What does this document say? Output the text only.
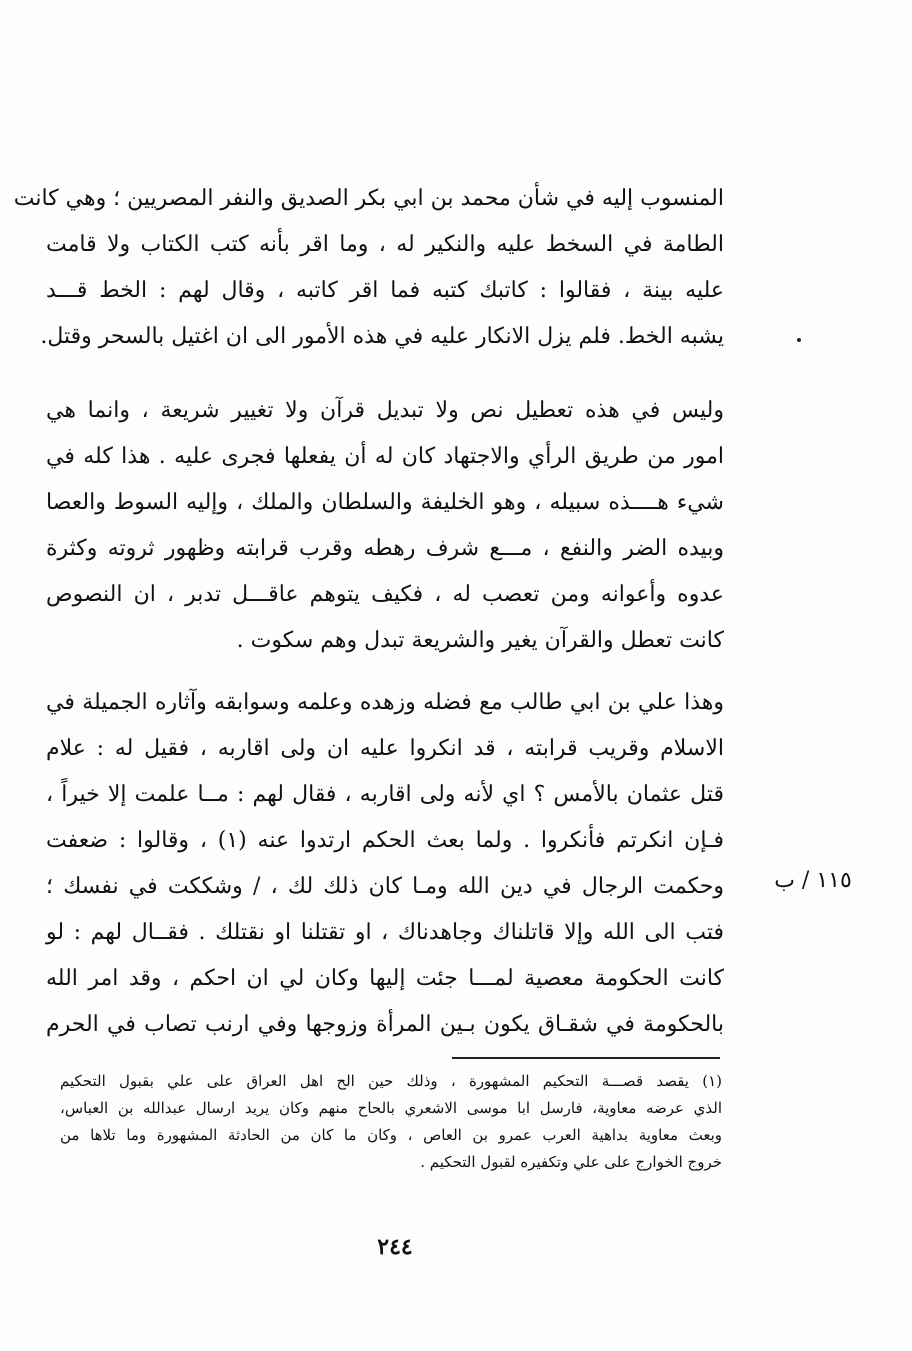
المنسوب إليه في شأن محمد بن ابي بكر الصديق والنفر المصريين ؛ وهي كانت
الطامة في السخط عليه والنكير له ، وما اقر بأنه كتب الكتاب ولا قامت
عليه بينة ، فقالوا : كاتبك كتبه فما اقر كاتبه ، وقال لهم : الخط قـــد
يشبه الخط. فلم يزل الانكار عليه في هذه الأمور الى ان اغتيل بالسحر وقتل.
وليس في هذه تعطيل نص ولا تبديل قرآن ولا تغيير شريعة ، وانما هي
امور من طريق الرأي والاجتهاد كان له أن يفعلها فجرى عليه . هذا كله في
شيء هــــذه سبيله ، وهو الخليفة والسلطان والملك ، وإليه السوط والعصا
وبيده الضر والنفع ، مـــع شرف رهطه وقرب قرابته وظهور ثروته وكثرة
عدوه وأعوانه ومن تعصب له ، فكيف يتوهم عاقـــل تدبر ، ان النصوص
كانت تعطل والقرآن يغير والشريعة تبدل وهم سكوت .
وهذا علي بن ابي طالب مع فضله وزهده وعلمه وسوابقه وآثاره الجميلة في
الاسلام وقريب قرابته ، قد انكروا عليه ان ولى اقاربه ، فقيل له : علام
قتل عثمان بالأمس ؟ اي لأنه ولى اقاربه ، فقال لهم : مــا علمت إلا خيراً ،
فـإن انكرتم فأنكروا . ولما بعث الحكم ارتدوا عنه (١) ، وقالوا : ضعفت
وحكمت الرجال في دين الله ومـا كان ذلك لك ، / وشككت في نفسك ؛
فتب الى الله وإلا قاتلناك وجاهدناك ، او تقتلنا او نقتلك . فقــال لهم : لو
كانت الحكومة معصية لمـــا جئت إليها وكان لي ان احكم ، وقد امر الله
بالحكومة في شقـاق يكون بـين المرأة وزوجها وفي ارنب تصاب في الحرم
١١٥ / ب
(١) يقصد قصـــة التحكيم المشهورة ، وذلك حين الح اهل العراق على علي بقبول التحكيم
الذي عرضه معاوية، فارسل ابا موسى الاشعري بالحاح منهم وكان يريد ارسال عبدالله بن العباس،
وبعث معاوية بداهية العرب عمرو بن العاص ، وكان ما كان من الحادثة المشهورة وما تلاها من
خروج الخوارج على علي وتكفيره لقبول التحكيم .
٢٤٤
